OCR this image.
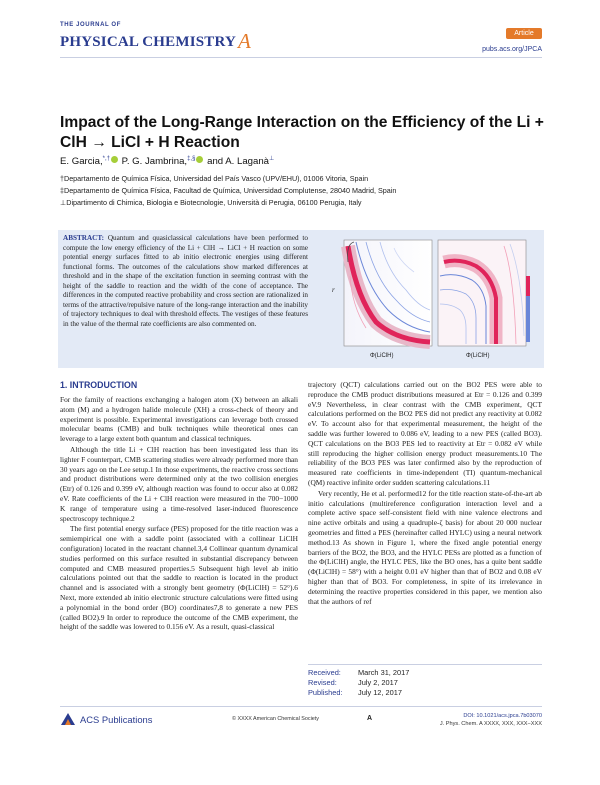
THE JOURNAL OF
PHYSICAL CHEMISTRY A	Article
pubs.acs.org/JPCA
Impact of the Long-Range Interaction on the Efficiency of the Li + ClH → LiCl + H Reaction
E. Garcia,*,† P. G. Jambrina,‡,§ and A. Laganà⊥
†Departamento de Química Física, Universidad del País Vasco (UPV/EHU), 01006 Vitoria, Spain
‡Departamento de Química Física, Facultad de Química, Universidad Complutense, 28040 Madrid, Spain
⊥Dipartimento di Chimica, Biologia e Biotecnologie, Università di Perugia, 06100 Perugia, Italy
ABSTRACT: Quantum and quasiclassical calculations have been performed to compute the low energy efficiency of the Li + ClH → LiCl + H reaction on some potential energy surfaces fitted to ab initio electronic energies using different functional forms. The outcomes of the calculations show marked differences at threshold and in the shape of the excitation function in seeming contrast with the height of the saddle to reaction and the width of the cone of acceptance. The differences in the computed reactive probability and cross section are rationalized in terms of the attractive/repulsive nature of the long-range interaction and the inability of trajectory techniques to deal with threshold effects. The vestiges of these features in the value of the thermal rate coefficients are also commented on.
r
Φ(LiClH)	Φ(LiClH)
1. INTRODUCTION

For the family of reactions exchanging a halogen atom (X) between an alkali atom (M) and a hydrogen halide molecule (XH) a cross-check of theory and experiment is possible. Experimental investigations can leverage both crossed molecular beams (CMB) and bulk techniques while theoretical ones can leverage to a large extent both quantum and classical techniques.

Although the title Li + ClH reaction has been investigated less than its lighter F counterpart, CMB scattering studies were already performed more than 30 years ago on the Lee setup.1 In those experiments, the reactive cross sections and product distributions were determined only at the two collision energies (Etr) of 0.126 and 0.399 eV, although reaction was found to occur also at 0.082 eV. Rate coefficients of the Li + ClH reaction were measured in the 700−1000 K range of temperature using a time-resolved laser-induced fluorescence spectroscopy technique.2

The first potential energy surface (PES) proposed for the title reaction was a semiempirical one with a saddle point (associated with a collinear LiClH configuration) located in the reactant channel.3,4 Collinear quantum dynamical studies performed on this surface resulted in substantial discrepancy between computed and CMB measured properties.5 Subsequent high level ab initio calculations pointed out that the saddle to reaction is located in the product channel and is associated with a strongly bent geometry (Φ(LiClH) = 52°).6 Next, more extended ab initio electronic structure calculations were fitted using a polynomial in the bond order (BO) coordinates7,8 to generate a new PES (called BO2).9 In order to reproduce the outcome of the CMB experiment, the height of the saddle was lowered to 0.156 eV. As a result, quasi-classical

trajectory (QCT) calculations carried out on the BO2 PES were able to reproduce the CMB product distributions measured at Etr = 0.126 and 0.399 eV.9 Nevertheless, in clear contrast with the CMB experiment, QCT calculations performed on the BO2 PES did not predict any reactivity at 0.082 eV. To account also for that experimental measurement, the height of the saddle was further lowered to 0.086 eV, leading to a new PES (called BO3). QCT calculations on the BO3 PES led to reactivity at Etr = 0.082 eV while still reproducing the higher collision energy product measurements.10 The reliability of the BO3 PES was later confirmed also by the reproduction of measured rate coefficients in time-independent (TI) quantum-mechanical (QM) reactive infinite order sudden scattering calculations.11

Very recently, He et al. performed12 for the title reaction state-of-the-art ab initio calculations (multireference configuration interaction level and a complete active space self-consistent field with nine valence electrons and nine active orbitals and using a quadruple-ζ basis) for about 20 000 nuclear geometries and fitted a PES (hereinafter called HYLC) using a neural network method.13 As shown in Figure 1, where the fixed angle potential energy barriers of the BO2, the BO3, and the HYLC PESs are plotted as a function of the Φ(LiClH) angle, the HYLC PES, like the BO ones, has a quite bent saddle (Φ(LiClH) = 58°) with a height 0.01 eV higher than that of BO2 and 0.08 eV higher than that of BO3. For completeness, in spite of its irrelevance in determining the reactive properties considered in this paper, we mention also that the authors of ref

Received: March 31, 2017
Revised:	July 2, 2017
Published: July 12, 2017
ACS Publications	© XXXX American Chemical Society	A	DOI: 10.1021/acs.jpca.7b03070
J. Phys. Chem. A XXXX, XXX, XXX−XXX
